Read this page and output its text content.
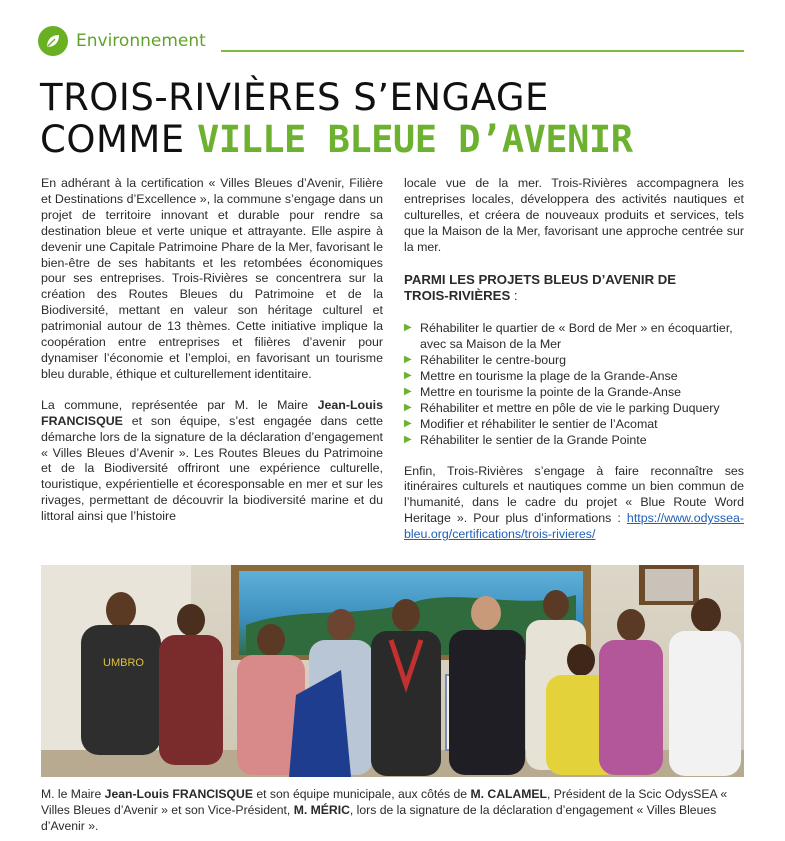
Environnement
TROIS-RIVIÈRES S’ENGAGE
COMME VILLE BLEUE D’AVENIR

En adhérant à la certification « Villes Bleues d’Avenir, Filière et Destinations d’Excellence », la commune s’engage dans un projet de territoire innovant et durable pour rendre sa destination bleue et verte unique et attrayante. Elle aspire à devenir une Capitale Patrimoine Phare de la Mer, favorisant le bien-être de ses habitants et les retombées économiques pour ses entreprises. Trois-Rivières se concentrera sur la création des Routes Bleues du Patrimoine et de la Biodiversité, mettant en valeur son héritage culturel et patrimonial autour de 13 thèmes. Cette initiative implique la coopération entre entreprises et filières d’avenir pour dynamiser l’économie et l’emploi, en favorisant un tourisme bleu durable, éthique et culturellement identitaire.

La commune, représentée par M. le Maire Jean-Louis FRANCISQUE et son équipe, s’est engagée dans cette démarche lors de la signature de la déclaration d’engagement « Villes Bleues d’Avenir ». Les Routes Bleues du Patrimoine et de la Biodiversité offriront une expérience culturelle, touristique, expérientielle et écoresponsable en mer et sur les rivages, permettant de découvrir la biodiversité marine et du littoral ainsi que l’histoire

locale vue de la mer. Trois-Rivières accompagnera les entreprises locales, développera des activités nautiques et culturelles, et créera de nouveaux produits et services, tels que la Maison de la Mer, favorisant une approche centrée sur la mer.

PARMI LES PROJETS BLEUS D’AVENIR DE
TROIS-RIVIÈRES :
▶ Réhabiliter le quartier de « Bord de Mer » en écoquartier, avec sa Maison de la Mer
▶ Réhabiliter le centre-bourg
▶ Mettre en tourisme la plage de la Grande-Anse
▶ Mettre en tourisme la pointe de la Grande-Anse
▶ Réhabiliter et mettre en pôle de vie le parking Duquery
▶ Modifier et réhabiliter le sentier de l’Acomat
▶ Réhabiliter le sentier de la Grande Pointe

Enfin, Trois-Rivières s’engage à faire reconnaître ses itinéraires culturels et nautiques comme un bien commun de l’humanité, dans le cadre du projet « Blue Route Word Heritage ». Pour plus d’informations : https://www.odyssea-bleu.org/certifications/trois-rivieres/

UMBRO
M. le Maire Jean-Louis FRANCISQUE et son équipe municipale, aux côtés de M. CALAMEL, Président de la Scic OdysSEA « Villes Bleues d’Avenir » et son Vice-Président, M. MÉRIC, lors de la signature de la déclaration d’engagement « Villes Bleues d’Avenir ».
